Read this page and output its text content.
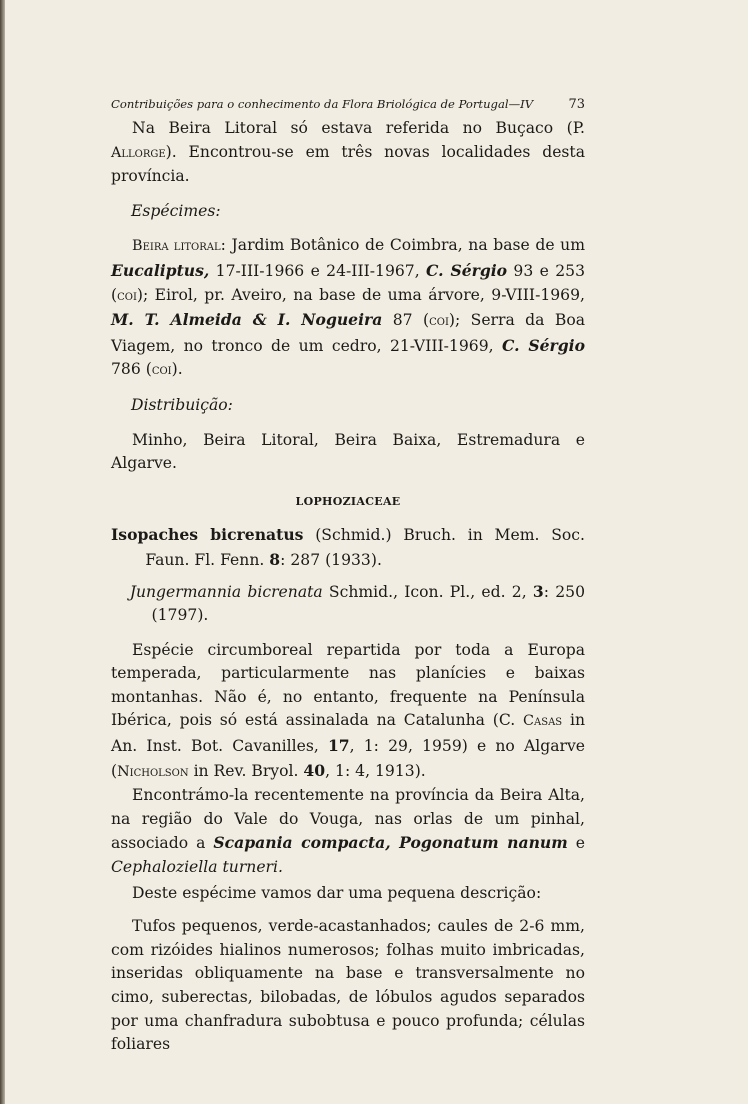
Contribuições para o conhecimento da Flora Briológica de Portugal—IV	73

Na Beira Litoral só estava referida no Buçaco (P. Allorge). Encontrou-se em três novas localidades desta província.

Espécimes:

Beira litoral: Jardim Botânico de Coimbra, na base de um Eucaliptus, 17-III-1966 e 24-III-1967, C. Sérgio 93 e 253 (coi); Eirol, pr. Aveiro, na base de uma árvore, 9-VIII-1969, M. T. Almeida & I. Nogueira 87 (coi); Serra da Boa Viagem, no tronco de um cedro, 21-VIII-1969, C. Sérgio 786 (coi).

Distribuição:

Minho, Beira Litoral, Beira Baixa, Estremadura e Algarve.

LOPHOZIACEAE

Isopaches bicrenatus (Schmid.) Bruch. in Mem. Soc. Faun. Fl. Fenn. 8: 287 (1933).

Jungermannia bicrenata Schmid., Icon. Pl., ed. 2, 3: 250 (1797).

Espécie circumboreal repartida por toda a Europa temperada, particularmente nas planícies e baixas montanhas. Não é, no entanto, frequente na Península Ibérica, pois só está assinalada na Catalunha (C. Casas in An. Inst. Bot. Cavanilles, 17, 1: 29, 1959) e no Algarve (Nicholson in Rev. Bryol. 40, 1: 4, 1913).

Encontrámo-la recentemente na província da Beira Alta, na região do Vale do Vouga, nas orlas de um pinhal, associado a Scapania compacta, Pogonatum nanum e Cephaloziella turneri.

Deste espécime vamos dar uma pequena descrição:

Tufos pequenos, verde-acastanhados; caules de 2-6 mm, com rizóides hialinos numerosos; folhas muito imbricadas, inseridas obliquamente na base e transversalmente no cimo, suberectas, bilobadas, de lóbulos agudos separados por uma chanfradura subobtusa e pouco profunda; células foliares
